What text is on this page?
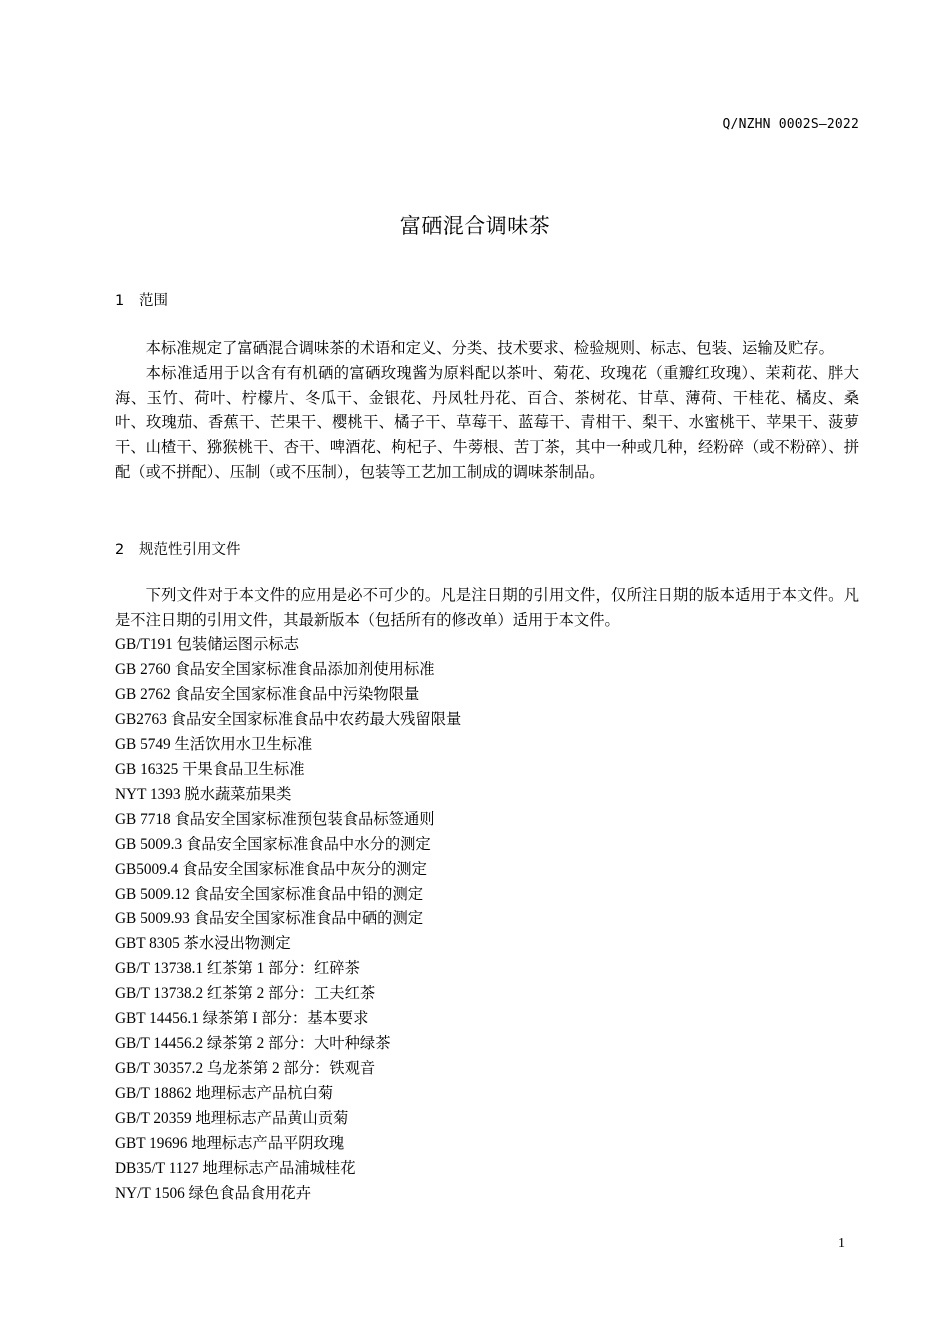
Q/NZHN 0002S—2022
富硒混合调味茶
1 范围

本标准规定了富硒混合调味茶的术语和定义、分类、技术要求、检验规则、标志、包装、运输及贮存。

本标准适用于以含有有机硒的富硒玫瑰酱为原料配以茶叶、菊花、玫瑰花（重瓣红玫瑰）、茉莉花、胖大海、玉竹、荷叶、柠檬片、冬瓜干、金银花、丹凤牡丹花、百合、茶树花、甘草、薄荷、干桂花、橘皮、桑叶、玫瑰茄、香蕉干、芒果干、樱桃干、橘子干、草莓干、蓝莓干、青柑干、梨干、水蜜桃干、苹果干、菠萝干、山楂干、猕猴桃干、杏干、啤酒花、枸杞子、牛蒡根、苦丁茶，其中一种或几种，经粉碎（或不粉碎）、拼配（或不拼配）、压制（或不压制），包装等工艺加工制成的调味茶制品。

2 规范性引用文件

下列文件对于本文件的应用是必不可少的。凡是注日期的引用文件，仅所注日期的版本适用于本文件。凡是不注日期的引用文件，其最新版本（包括所有的修改单）适用于本文件。

GB/T191 包装储运图示标志
GB 2760 食品安全国家标准食品添加剂使用标准
GB 2762 食品安全国家标准食品中污染物限量
GB2763 食品安全国家标准食品中农药最大残留限量
GB 5749 生活饮用水卫生标准
GB 16325 干果食品卫生标准
NYT 1393 脱水蔬菜茄果类
GB 7718 食品安全国家标准预包装食品标签通则
GB 5009.3 食品安全国家标准食品中水分的测定
GB5009.4 食品安全国家标准食品中灰分的测定
GB 5009.12 食品安全国家标准食品中铅的测定
GB 5009.93 食品安全国家标准食品中硒的测定
GBT 8305 茶水浸出物测定
GB/T 13738.1 红茶第 1 部分：红碎茶
GB/T 13738.2 红茶第 2 部分：工夫红茶
GBT 14456.1 绿茶第 I 部分：基本要求
GB/T 14456.2 绿茶第 2 部分：大叶种绿茶
GB/T 30357.2 乌龙茶第 2 部分：铁观音
GB/T 18862 地理标志产品杭白菊
GB/T 20359 地理标志产品黄山贡菊
GBT 19696 地理标志产品平阴玫瑰
DB35/T 1127 地理标志产品浦城桂花
NY/T 1506 绿色食品食用花卉
1
